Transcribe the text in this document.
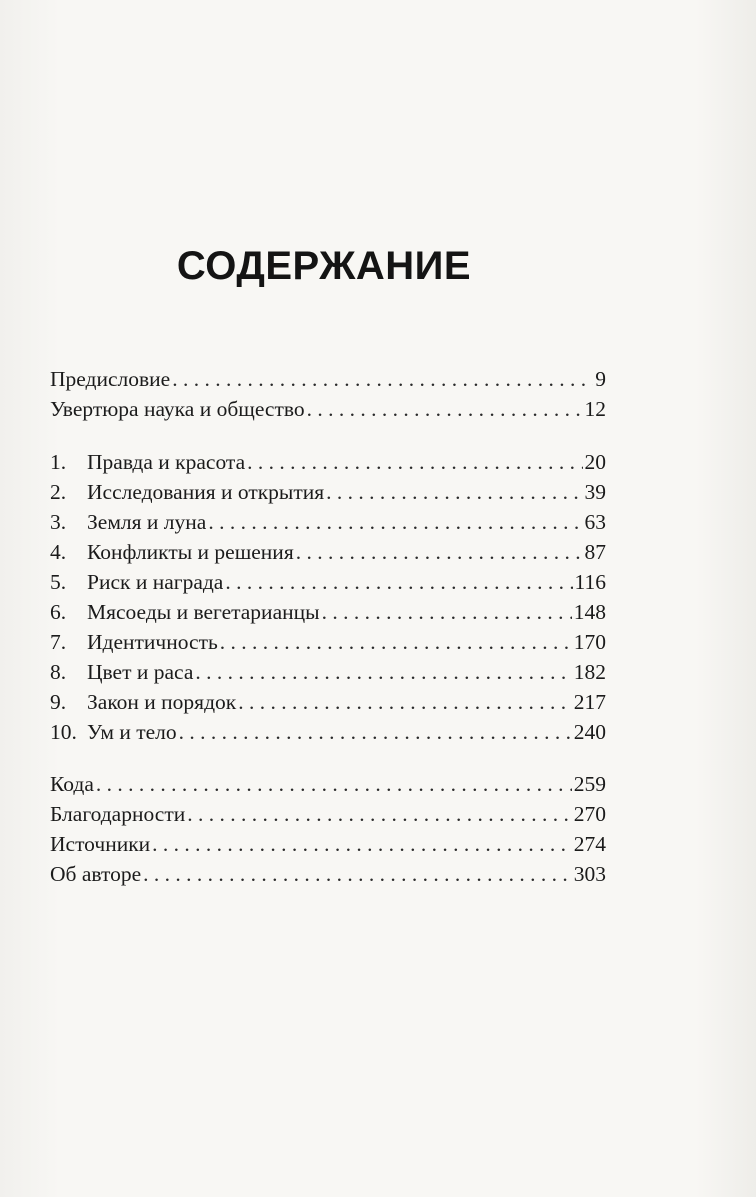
СОДЕРЖАНИЕ
Предисловие . . .	9
Увертюра наука и общество . . .	12
1. Правда и красота . . .	20
2. Исследования и открытия . . .	39
3. Земля и луна . . .	63
4. Конфликты и решения . . .	87
5. Риск и награда . . .	116
6. Мясоеды и вегетарианцы . . .	148
7. Идентичность . . .	170
8. Цвет и раса . . .	182
9. Закон и порядок . . .	217
10. Ум и тело . . .	240
Кода . . .	259
Благодарности . . .	270
Источники . . .	274
Об авторе . . .	303
